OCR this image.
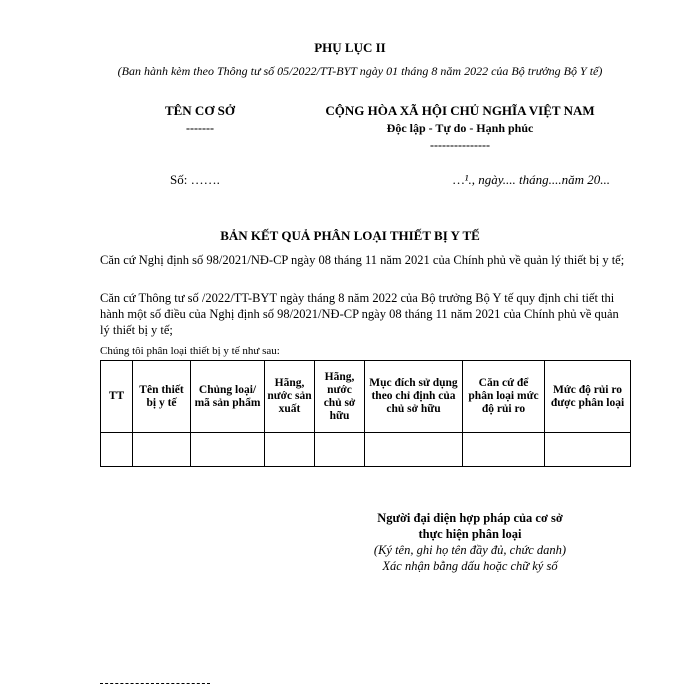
PHỤ LỤC II
(Ban hành kèm theo Thông tư số 05/2022/TT-BYT ngày 01 tháng 8 năm 2022 của Bộ trưởng Bộ Y tế)
TÊN CƠ SỞ
-------
CỘNG HÒA XÃ HỘI CHỦ NGHĨA VIỆT NAM
Độc lập - Tự do - Hạnh phúc
---------------
Số: …….	…¹., ngày.... tháng....năm 20...
BẢN KẾT QUẢ PHÂN LOẠI THIẾT BỊ Y TẾ
Căn cứ Nghị định số 98/2021/NĐ-CP ngày 08 tháng 11 năm 2021 của Chính phủ về quản lý thiết bị y tế;
Căn cứ Thông tư số /2022/TT-BYT ngày tháng 8 năm 2022 của Bộ trưởng Bộ Y tế quy định chi tiết thi hành một số điều của Nghị định số 98/2021/NĐ-CP ngày 08 tháng 11 năm 2021 của Chính phủ về quản lý thiết bị y tế;
Chúng tôi phân loại thiết bị y tế như sau:
TT	Tên thiết bị y tế	Chủng loại/ mã sản phẩm	Hãng, nước sản xuất	Hãng, nước chủ sở hữu	Mục đích sử dụng theo chỉ định của chủ sở hữu	Căn cứ để phân loại mức độ rủi ro	Mức độ rủi ro được phân loại

Người đại diện hợp pháp của cơ sở
thực hiện phân loại
(Ký tên, ghi họ tên đầy đủ, chức danh)
Xác nhận bằng dấu hoặc chữ ký số
